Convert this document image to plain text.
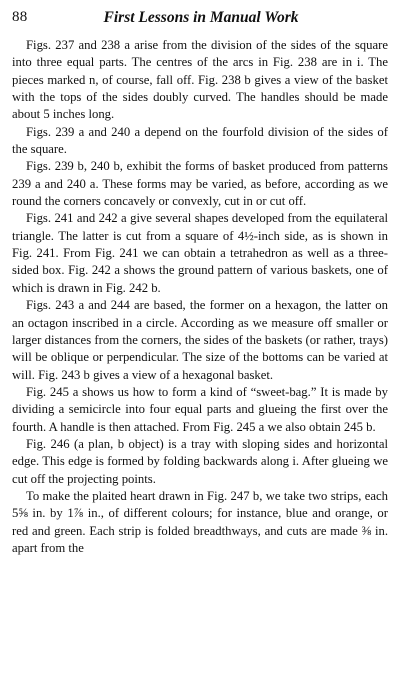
88	First Lessons in Manual Work

Figs. 237 and 238 a arise from the division of the sides of the square into three equal parts. The centres of the arcs in Fig. 238 are in i. The pieces marked n, of course, fall off. Fig. 238 b gives a view of the basket with the tops of the sides doubly curved. The handles should be made about 5 inches long.

Figs. 239 a and 240 a depend on the fourfold division of the sides of the square.

Figs. 239 b, 240 b, exhibit the forms of basket produced from patterns 239 a and 240 a. These forms may be varied, as before, according as we round the corners concavely or convexly, cut in or cut off.

Figs. 241 and 242 a give several shapes developed from the equilateral triangle. The latter is cut from a square of 4½-inch side, as is shown in Fig. 241. From Fig. 241 we can obtain a tetrahedron as well as a three-sided box. Fig. 242 a shows the ground pattern of various baskets, one of which is drawn in Fig. 242 b.

Figs. 243 a and 244 are based, the former on a hexagon, the latter on an octagon inscribed in a circle. According as we measure off smaller or larger distances from the corners, the sides of the baskets (or rather, trays) will be oblique or perpendicular. The size of the bottoms can be varied at will. Fig. 243 b gives a view of a hexagonal basket.

Fig. 245 a shows us how to form a kind of “sweet-bag.” It is made by dividing a semicircle into four equal parts and glueing the first over the fourth. A handle is then attached. From Fig. 245 a we also obtain 245 b.

Fig. 246 (a plan, b object) is a tray with sloping sides and horizontal edge. This edge is formed by folding backwards along i. After glueing we cut off the projecting points.

To make the plaited heart drawn in Fig. 247 b, we take two strips, each 5⅝ in. by 1⅞ in., of different colours; for instance, blue and orange, or red and green. Each strip is folded breadthways, and cuts are made ⅜ in. apart from the
